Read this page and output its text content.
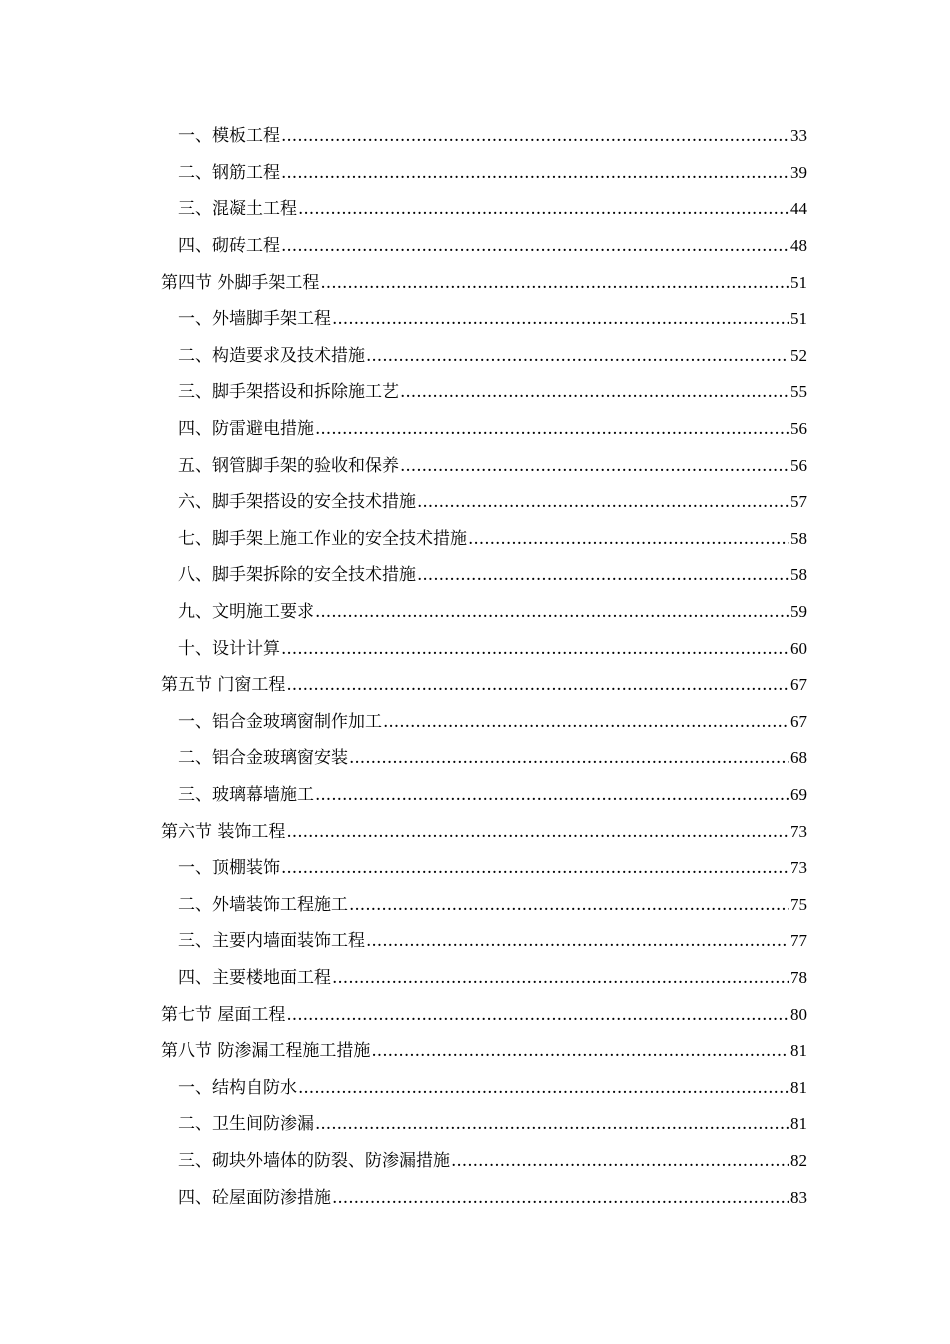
一、模板工程 .....	33
二、钢筋工程 .....	39
三、混凝土工程 .....	44
四、砌砖工程 .....	48
第四节 外脚手架工程 .....	51
一、外墙脚手架工程 .....	51
二、构造要求及技术措施 .....	52
三、脚手架搭设和拆除施工艺 .....	55
四、防雷避电措施 .....	56
五、钢管脚手架的验收和保养 .....	56
六、脚手架搭设的安全技术措施 .....	57
七、脚手架上施工作业的安全技术措施 .....	58
八、脚手架拆除的安全技术措施 .....	58
九、文明施工要求 .....	59
十、设计计算 .....	60
第五节 门窗工程 .....	67
一、铝合金玻璃窗制作加工 .....	67
二、铝合金玻璃窗安装 .....	68
三、玻璃幕墙施工 .....	69
第六节 装饰工程 .....	73
一、顶棚装饰 .....	73
二、外墙装饰工程施工 .....	75
三、主要内墙面装饰工程 .....	77
四、主要楼地面工程 .....	78
第七节 屋面工程 .....	80
第八节 防渗漏工程施工措施 .....	81
一、结构自防水 .....	81
二、卫生间防渗漏 .....	81
三、砌块外墙体的防裂、防渗漏措施 .....	82
四、砼屋面防渗措施 .....	83
